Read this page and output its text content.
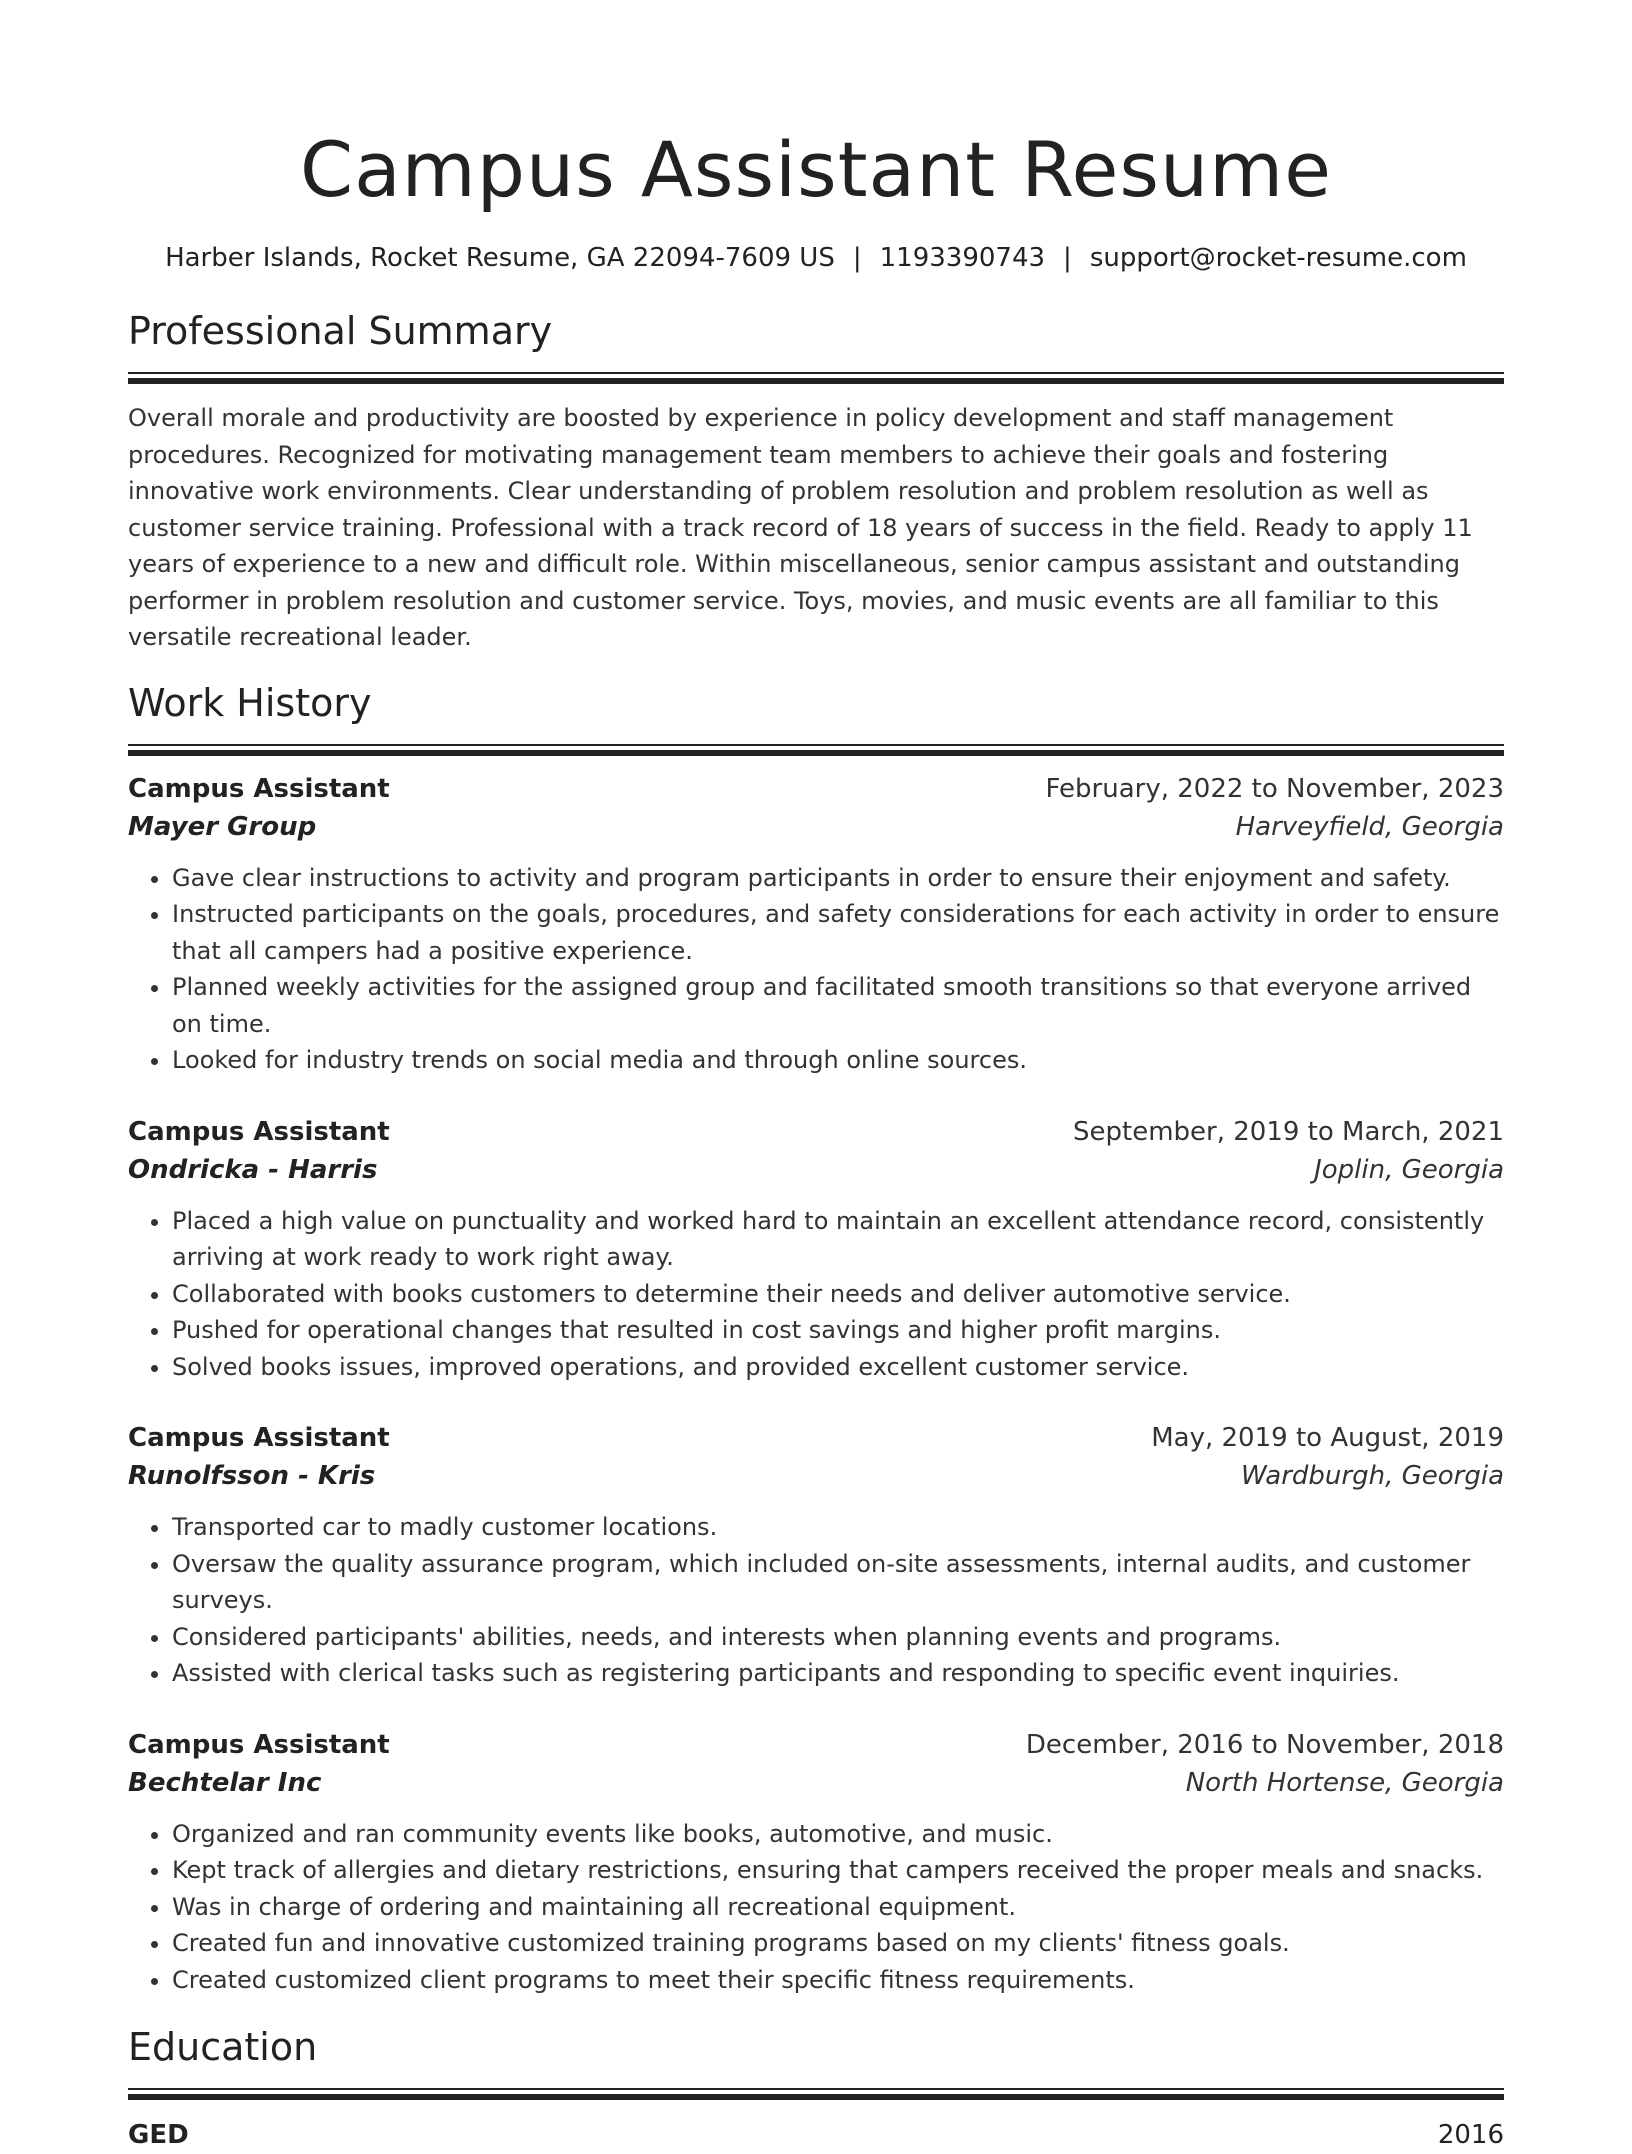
Campus Assistant Resume
Harber Islands, Rocket Resume, GA 22094-7609 US | 1193390743 | support@rocket-resume.com
Professional Summary

Overall morale and productivity are boosted by experience in policy development and staff management procedures. Recognized for motivating management team members to achieve their goals and fostering innovative work environments. Clear understanding of problem resolution and problem resolution as well as customer service training. Professional with a track record of 18 years of success in the field. Ready to apply 11 years of experience to a new and difficult role. Within miscellaneous, senior campus assistant and outstanding performer in problem resolution and customer service. Toys, movies, and music events are all familiar to this versatile recreational leader.

Work History
Campus Assistant	February, 2022 to November, 2023
Mayer Group	Harveyfield, Georgia
• Gave clear instructions to activity and program participants in order to ensure their enjoyment and safety.
• Instructed participants on the goals, procedures, and safety considerations for each activity in order to ensure that all campers had a positive experience.
• Planned weekly activities for the assigned group and facilitated smooth transitions so that everyone arrived on time.
• Looked for industry trends on social media and through online sources.
Campus Assistant	September, 2019 to March, 2021
Ondricka - Harris	Joplin, Georgia
• Placed a high value on punctuality and worked hard to maintain an excellent attendance record, consistently arriving at work ready to work right away.
• Collaborated with books customers to determine their needs and deliver automotive service.
• Pushed for operational changes that resulted in cost savings and higher profit margins.
• Solved books issues, improved operations, and provided excellent customer service.
Campus Assistant	May, 2019 to August, 2019
Runolfsson - Kris	Wardburgh, Georgia
• Transported car to madly customer locations.
• Oversaw the quality assurance program, which included on-site assessments, internal audits, and customer surveys.
• Considered participants' abilities, needs, and interests when planning events and programs.
• Assisted with clerical tasks such as registering participants and responding to specific event inquiries.
Campus Assistant	December, 2016 to November, 2018
Bechtelar Inc	North Hortense, Georgia
• Organized and ran community events like books, automotive, and music.
• Kept track of allergies and dietary restrictions, ensuring that campers received the proper meals and snacks.
• Was in charge of ordering and maintaining all recreational equipment.
• Created fun and innovative customized training programs based on my clients' fitness goals.
• Created customized client programs to meet their specific fitness requirements.
Education
GED	2016
